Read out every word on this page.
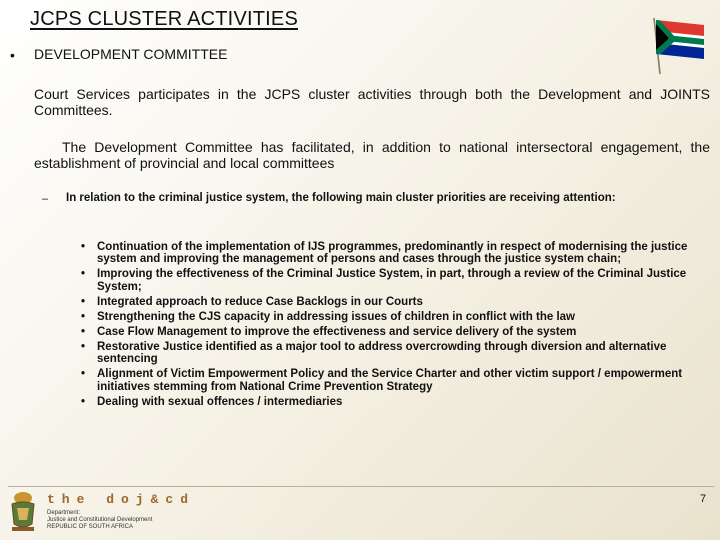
JCPS CLUSTER ACTIVITIES
• DEVELOPMENT COMMITTEE
Court Services participates in the JCPS cluster activities through both the Development and JOINTS Committees.
The Development Committee has facilitated, in addition to national intersectoral engagement, the establishment of provincial and local committees
– In relation to the criminal justice system, the following main cluster priorities are receiving attention:
• Continuation of the implementation of IJS programmes, predominantly in respect of modernising the justice system and improving the management of persons and cases through the justice system chain;
• Improving the effectiveness of the Criminal Justice System, in part, through a review of the Criminal Justice System;
• Integrated approach to reduce Case Backlogs in our Courts
• Strengthening the CJS capacity in addressing issues of children in conflict with the law
• Case Flow Management to improve the effectiveness and service delivery of the system
• Restorative Justice identified as a major tool to address overcrowding through diversion and alternative sentencing
• Alignment of Victim Empowerment Policy and the Service Charter and other victim support / empowerment initiatives stemming from National Crime Prevention Strategy
• Dealing with sexual offences / intermediaries
the doj&cd
Department:
Justice and Constitutional Development
REPUBLIC OF SOUTH AFRICA
7
